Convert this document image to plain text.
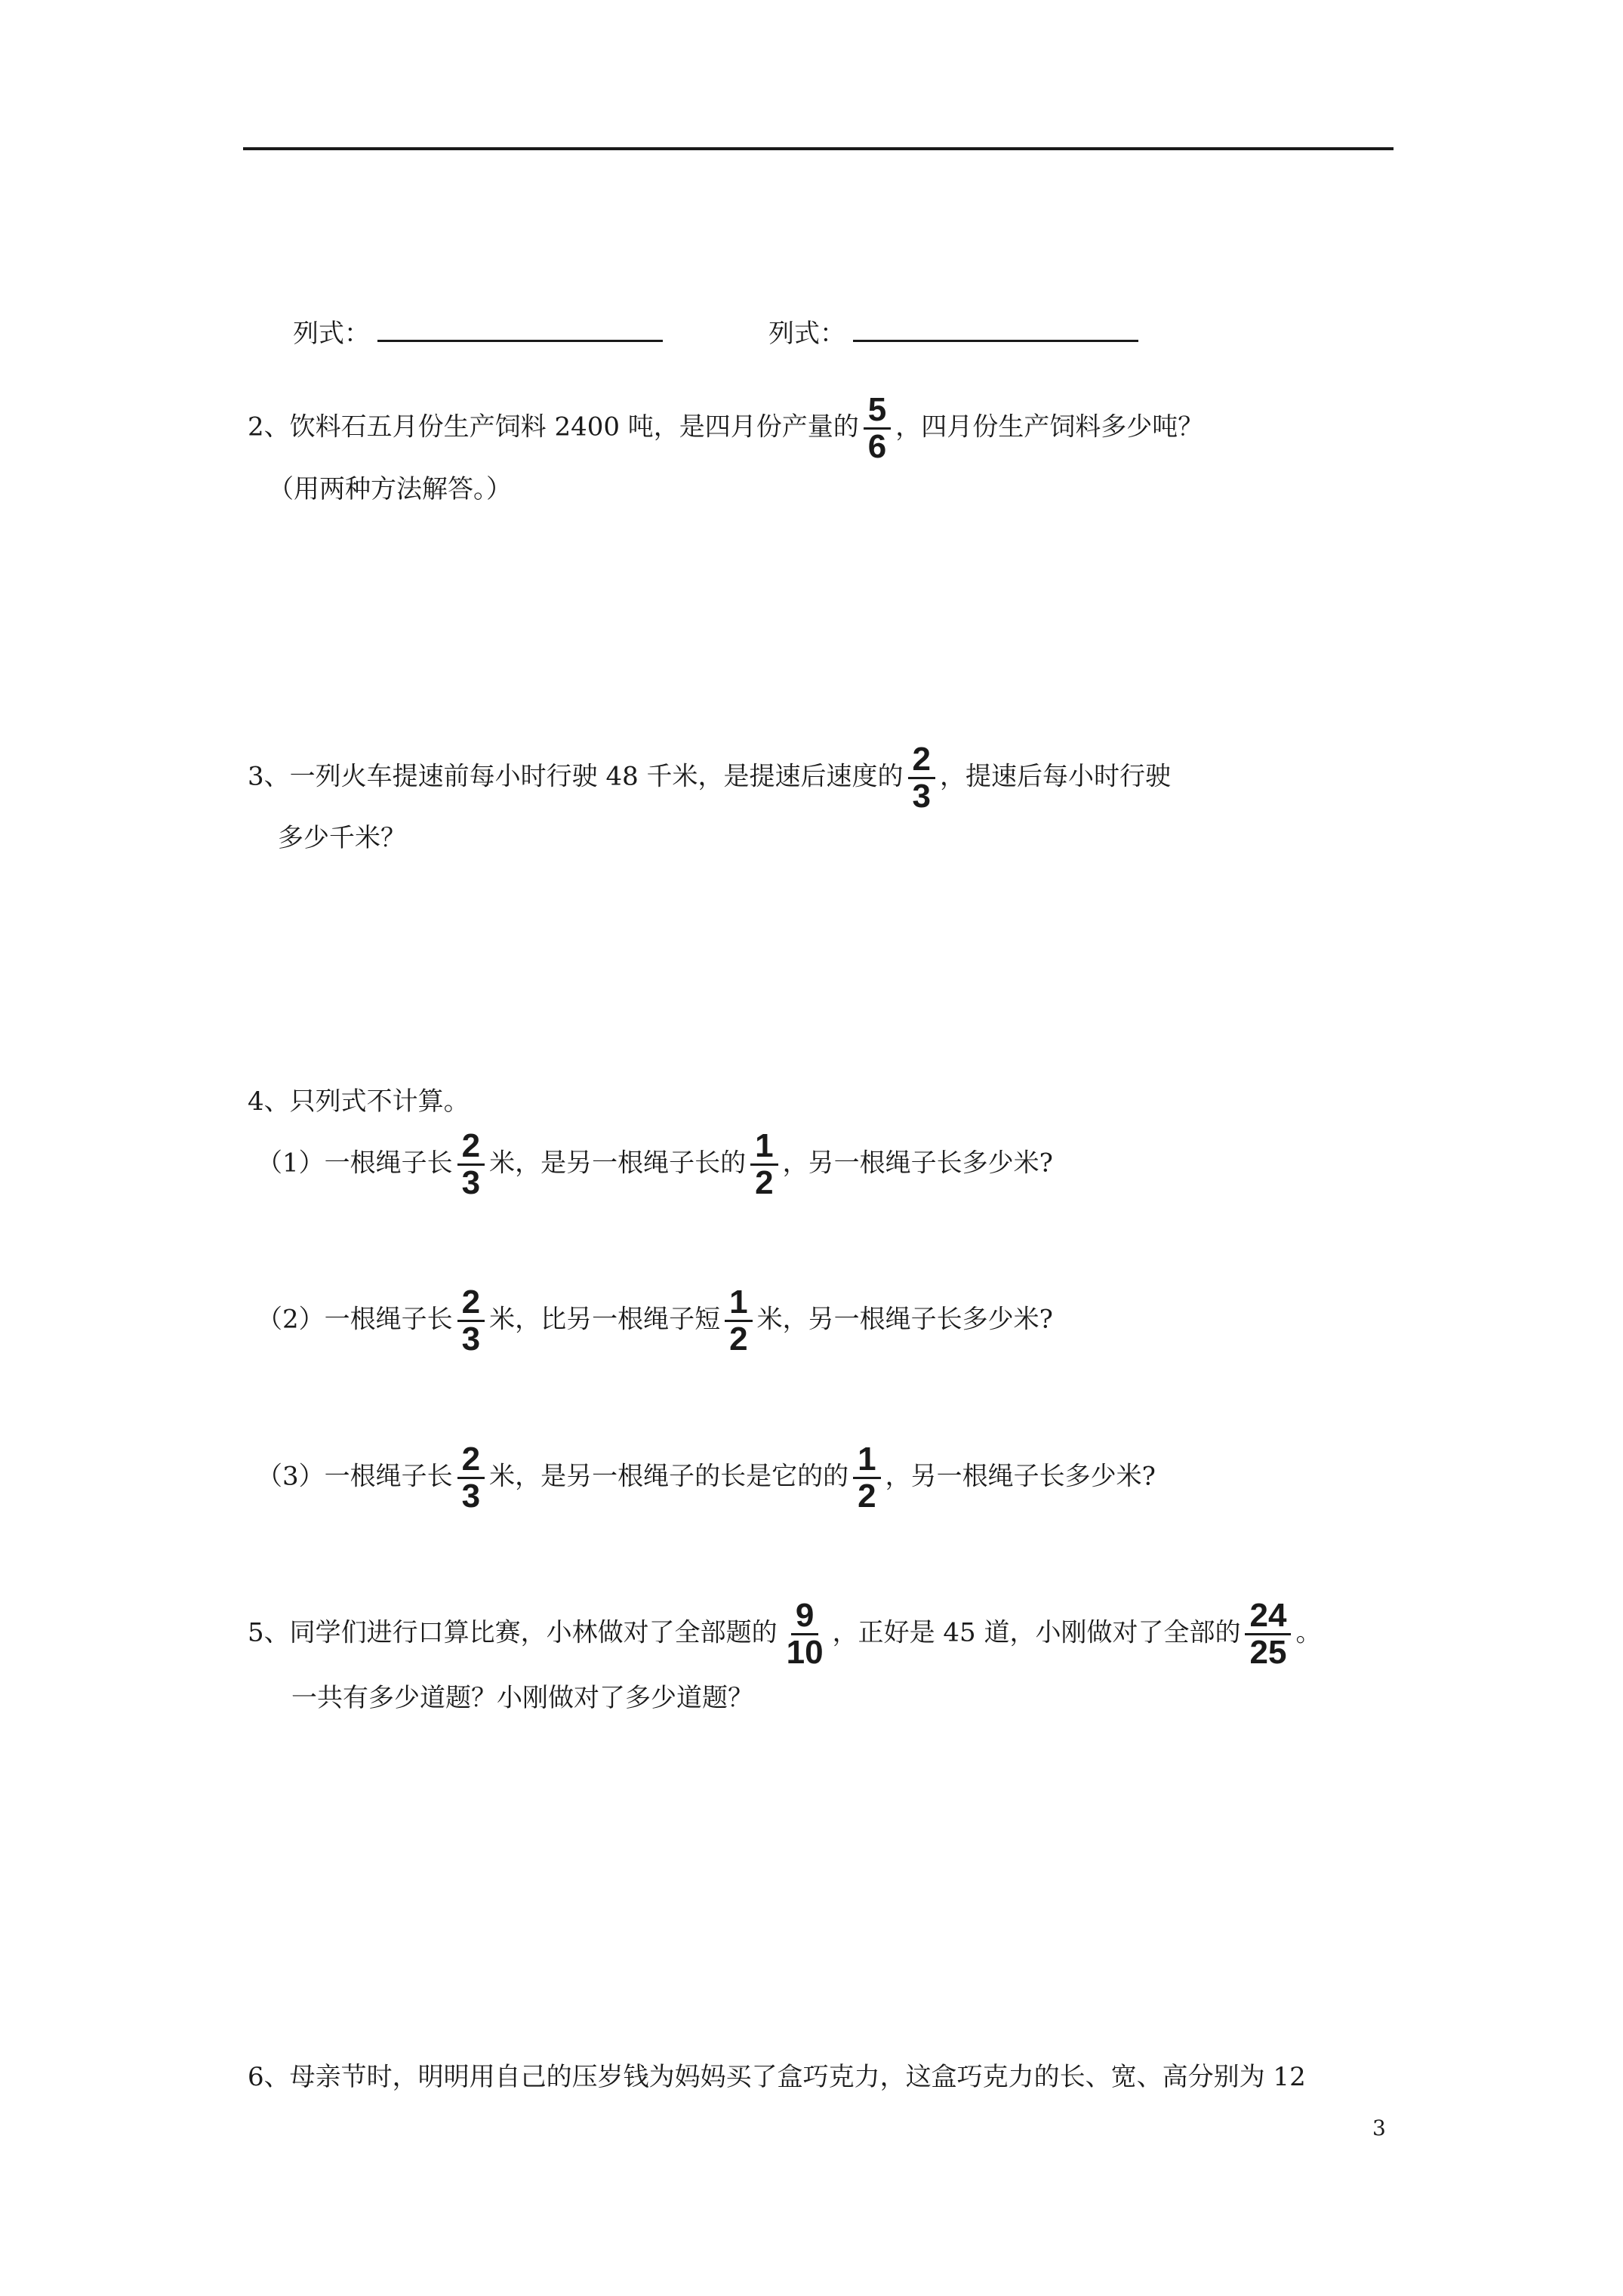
列式：	列式：
2、饮料石五月份生产饲料 2400 吨，是四月份产量的 $\frac{5}{6}$ ，四月份生产饲料多少吨？
（用两种方法解答。）
3、一列火车提速前每小时行驶 48 千米，是提速后速度的 $\frac{2}{3}$ ，提速后每小时行驶
多少千米？
4、只列式不计算。
（1）一根绳子长 $\frac{2}{3}$ 米，是另一根绳子长的 $\frac{1}{2}$ ，另一根绳子长多少米?
（2）一根绳子长 $\frac{2}{3}$ 米，比另一根绳子短 $\frac{1}{2}$ 米，另一根绳子长多少米?
（3）一根绳子长 $\frac{2}{3}$ 米，是另一根绳子的长是它的的 $\frac{1}{2}$ ，另一根绳子长多少米?
5、同学们进行口算比赛，小林做对了全部题的 $\frac{9}{10}$ ，正好是 45 道，小刚做对了全部的 $\frac{24}{25}$ 。
一共有多少道题？小刚做对了多少道题？
6、母亲节时，明明用自己的压岁钱为妈妈买了盒巧克力，这盒巧克力的长、宽、高分别为 12
3
